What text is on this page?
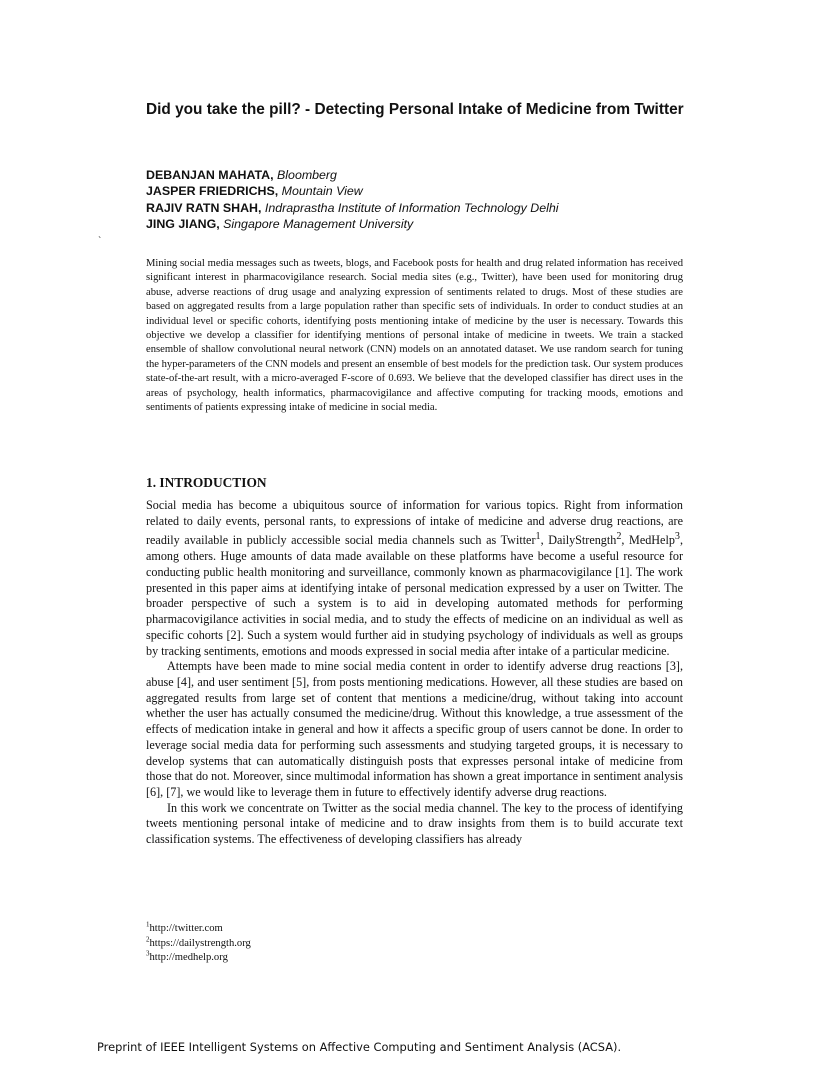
Did you take the pill? - Detecting Personal Intake of Medicine from Twitter
DEBANJAN MAHATA, Bloomberg
JASPER FRIEDRICHS, Mountain View
RAJIV RATN SHAH, Indraprastha Institute of Information Technology Delhi
JING JIANG, Singapore Management University
`

Mining social media messages such as tweets, blogs, and Facebook posts for health and drug related information has received significant interest in pharmacovigilance research. Social media sites (e.g., Twitter), have been used for monitoring drug abuse, adverse reactions of drug usage and analyzing expression of sentiments related to drugs. Most of these studies are based on aggregated results from a large population rather than specific sets of individuals. In order to conduct studies at an individual level or specific cohorts, identifying posts mentioning intake of medicine by the user is necessary. Towards this objective we develop a classifier for identifying mentions of personal intake of medicine in tweets. We train a stacked ensemble of shallow convolutional neural network (CNN) models on an annotated dataset. We use random search for tuning the hyper-parameters of the CNN models and present an ensemble of best models for the prediction task. Our system produces state-of-the-art result, with a micro-averaged F-score of 0.693. We believe that the developed classifier has direct uses in the areas of psychology, health informatics, pharmacovigilance and affective computing for tracking moods, emotions and sentiments of patients expressing intake of medicine in social media.

1. INTRODUCTION

Social media has become a ubiquitous source of information for various topics. Right from information related to daily events, personal rants, to expressions of intake of medicine and adverse drug reactions, are readily available in publicly accessible social media channels such as Twitter$^1$, DailyStrength$^2$, MedHelp$^3$, among others. Huge amounts of data made available on these platforms have become a useful resource for conducting public health monitoring and surveillance, commonly known as pharmacovigilance [1]. The work presented in this paper aims at identifying intake of personal medication expressed by a user on Twitter. The broader perspective of such a system is to aid in developing automated methods for performing pharmacovigilance activities in social media, and to study the effects of medicine on an individual as well as specific cohorts [2]. Such a system would further aid in studying psychology of individuals as well as groups by tracking sentiments, emotions and moods expressed in social media after intake of a particular medicine.

Attempts have been made to mine social media content in order to identify adverse drug reactions [3], abuse [4], and user sentiment [5], from posts mentioning medications. However, all these studies are based on aggregated results from large set of content that mentions a medicine/drug, without taking into account whether the user has actually consumed the medicine/drug. Without this knowledge, a true assessment of the effects of medication intake in general and how it affects a specific group of users cannot be done. In order to leverage social media data for performing such assessments and studying targeted groups, it is necessary to develop systems that can automatically distinguish posts that expresses personal intake of medicine from those that do not. Moreover, since multimodal information has shown a great importance in sentiment analysis [6], [7], we would like to leverage them in future to effectively identify adverse drug reactions.

In this work we concentrate on Twitter as the social media channel. The key to the process of identifying tweets mentioning personal intake of medicine and to draw insights from them is to build accurate text classification systems. The effectiveness of developing classifiers has already

$^1$http://twitter.com
$^2$https://dailystrength.org
$^3$http://medhelp.org
Preprint of IEEE Intelligent Systems on Affective Computing and Sentiment Analysis (ACSA).
